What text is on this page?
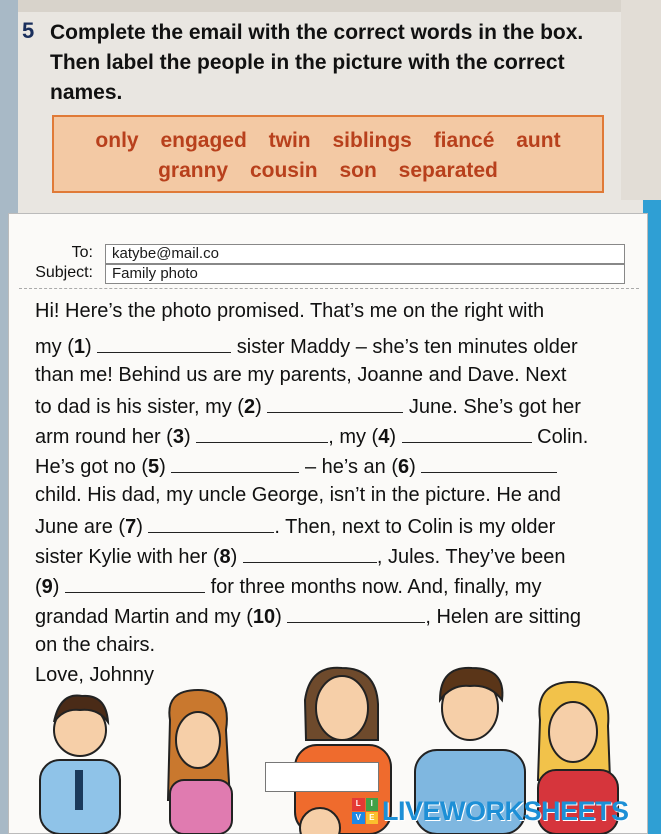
5 Complete the email with the correct words in the box.
Then label the people in the picture with the correct
names.
only engaged twin siblings fiancé aunt
granny cousin son separated
To:	katybe@mail.co
Subject:	Family photo
Hi! Here’s the photo promised. That’s me on the right with
my (1)	sister Maddy – she’s ten minutes older
than me! Behind us are my parents, Joanne and Dave. Next
to dad is his sister, my (2)	June. She’s got her
arm round her (3)	, my (4)	Colin.
He’s got no (5)	– he’s an (6)
child. His dad, my uncle George, isn’t in the picture. He and
June are (7)	. Then, next to Colin is my older
sister Kylie with her (8)	, Jules. They’ve been
(9)	for three months now. And, finally, my
grandad Martin and my (10)	, Helen are sitting
on the chairs.
Love, Johnny
L	I
V	E LIVEWORKSHEETS
